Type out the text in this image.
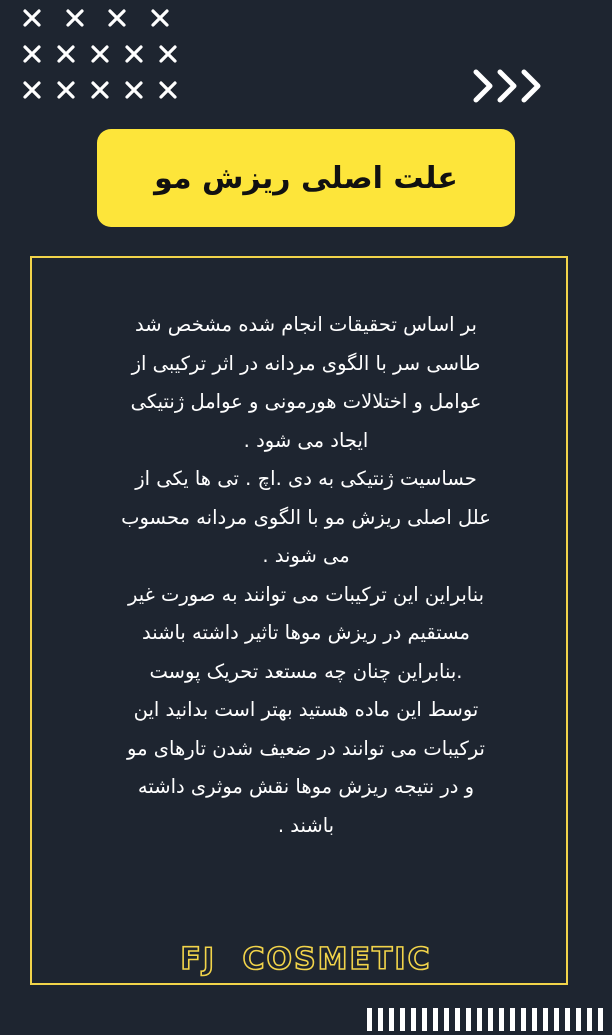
علت اصلی ریزش مو
بر اساس تحقیقات انجام شده مشخص شد
طاسی سر با الگوی مردانه در اثر ترکیبی از
عوامل و اختلالات هورمونی و عوامل ژنتیکی
ایجاد می شود .
حساسیت ژنتیکی به دی .اچ . تی ها یکی از
علل اصلی ریزش مو با الگوی مردانه محسوب
می شوند .
بنابراین این ترکیبات می توانند به صورت غیر
مستقیم در ریزش موها تاثیر داشته باشند
.بنابراین چنان چه مستعد تحریک پوست
توسط این ماده هستید بهتر است بدانید این
ترکیبات می توانند در ضعیف شدن تارهای مو
و در نتیجه ریزش موها نقش موثری داشته
باشند .
FJ COSMETIC
